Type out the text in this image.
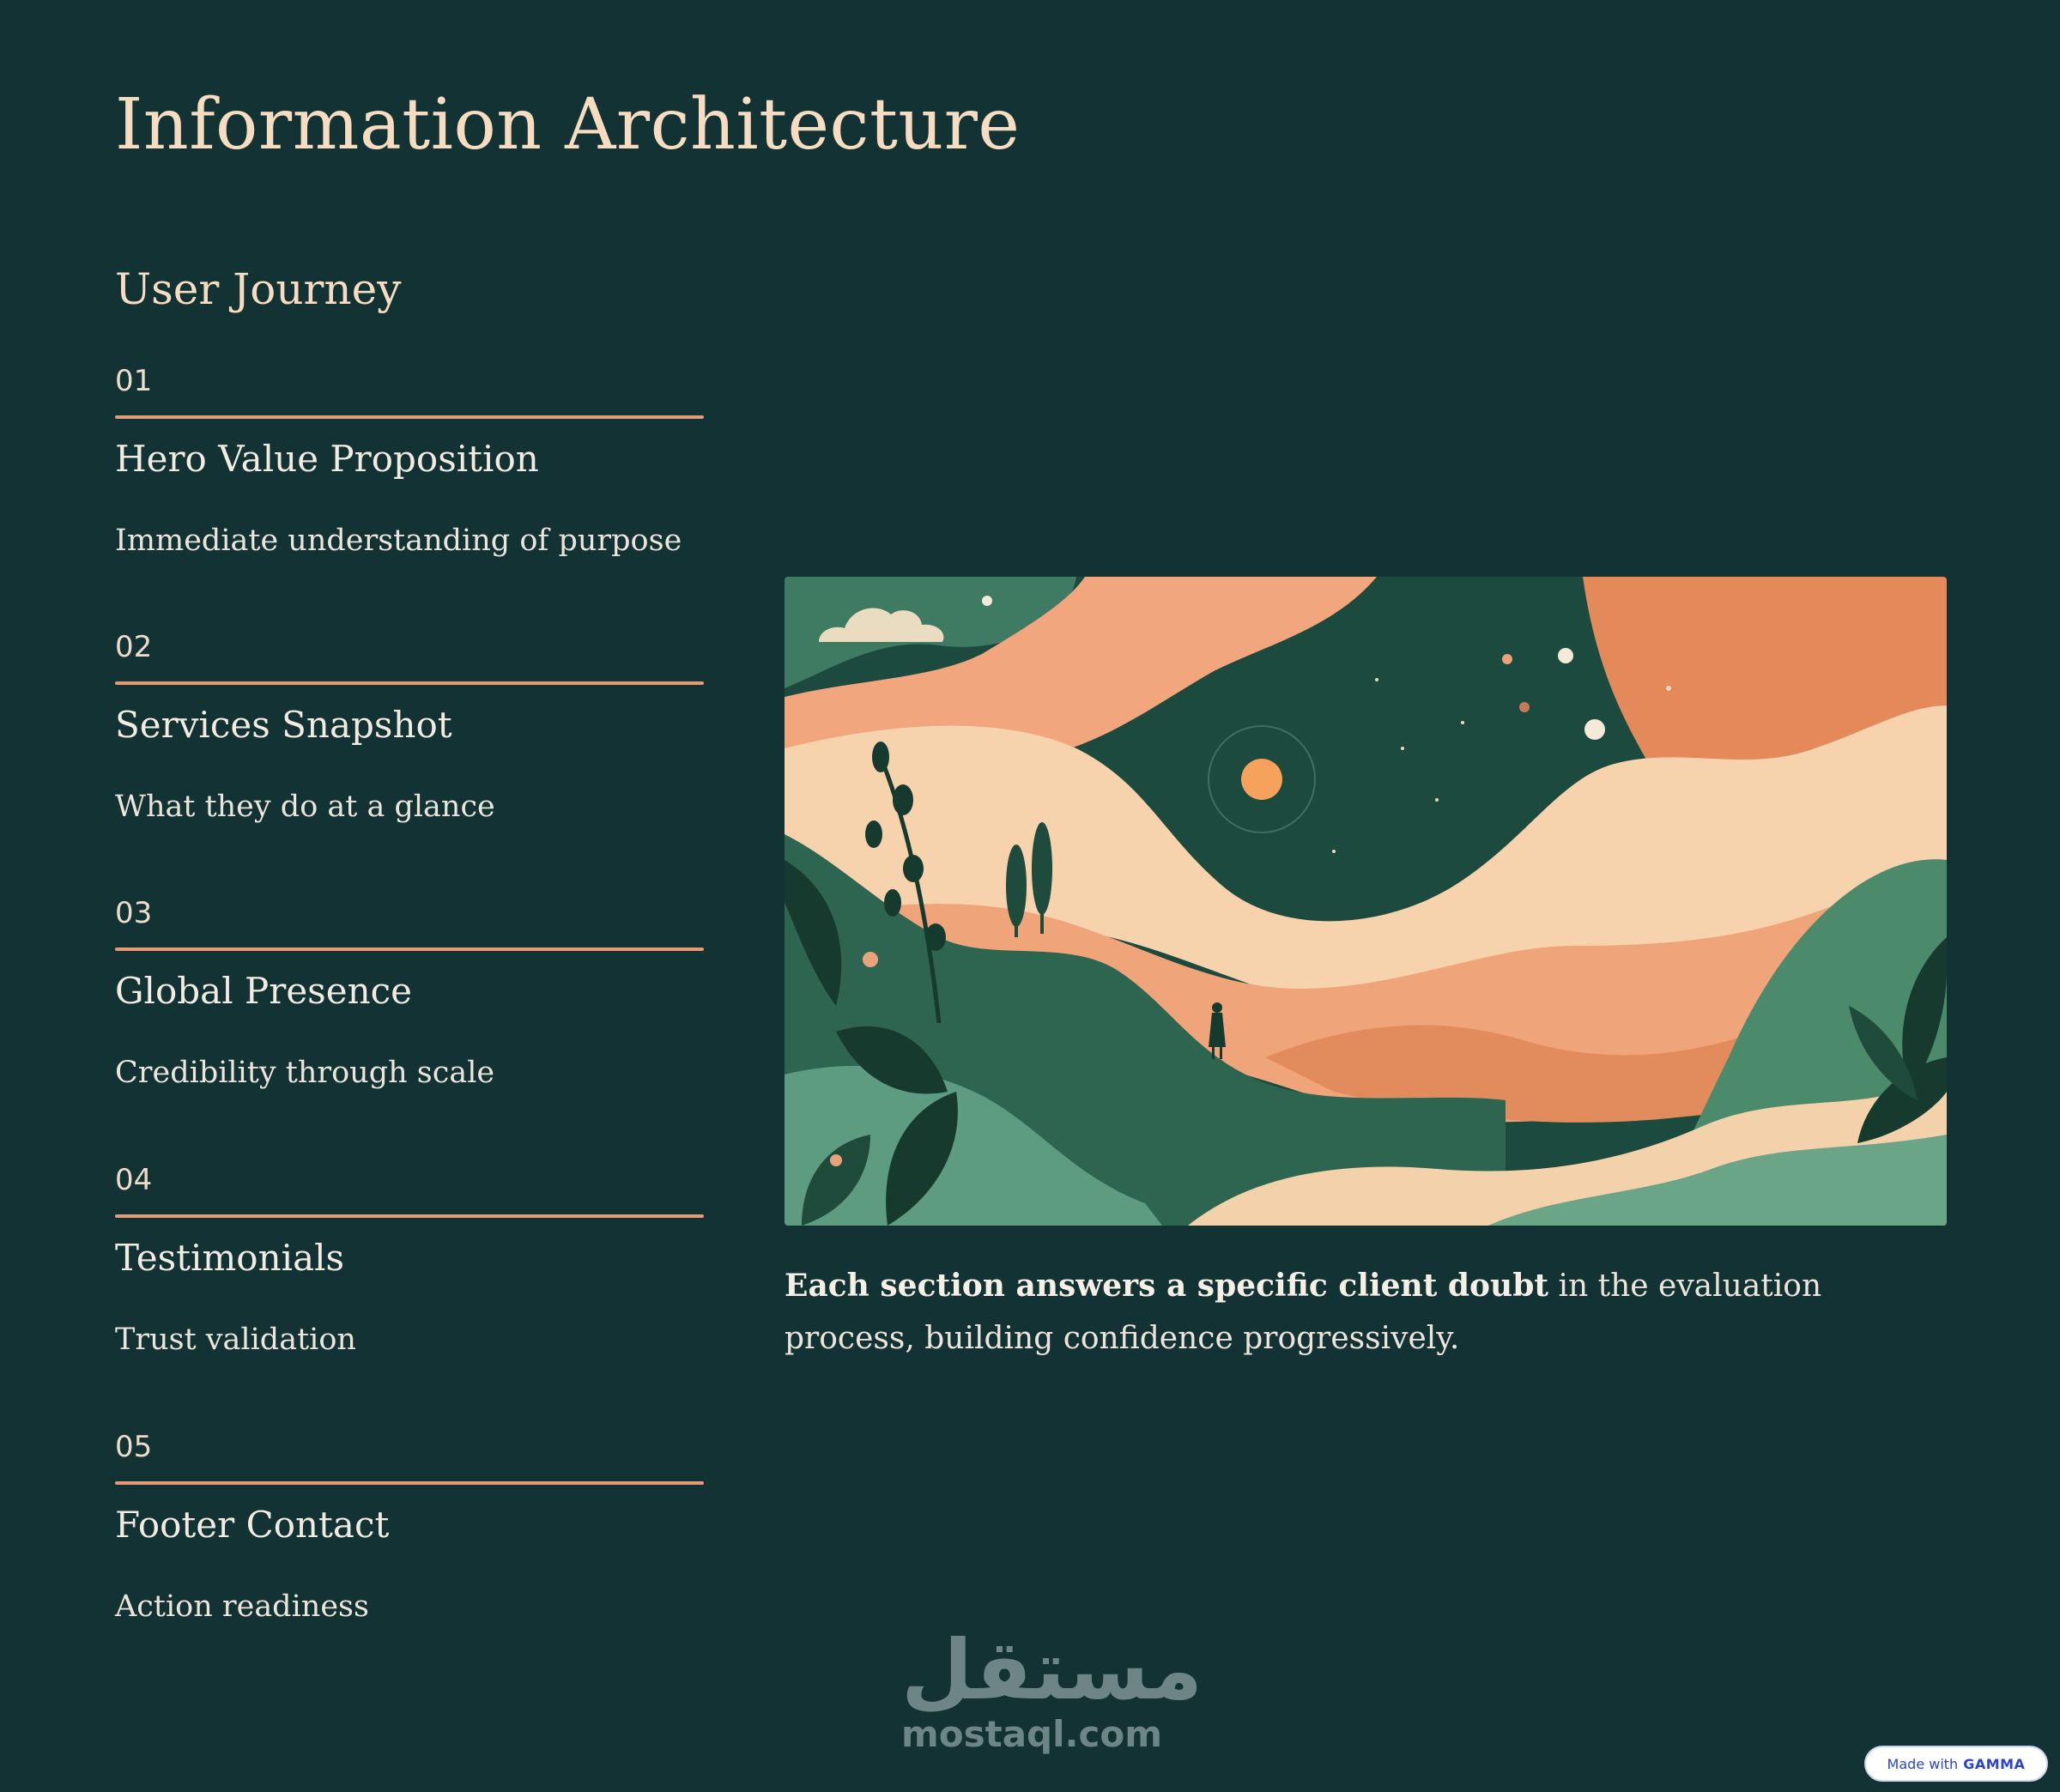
Information Architecture
User Journey
01
Hero Value Proposition
Immediate understanding of purpose
02
Services Snapshot
What they do at a glance
03
Global Presence
Credibility through scale
04
Testimonials
Trust validation
05
Footer Contact
Action readiness

Each section answers a specific client doubt in the evaluation process, building confidence progressively.

مستقل
mostaql.com
Made with GAMMA
